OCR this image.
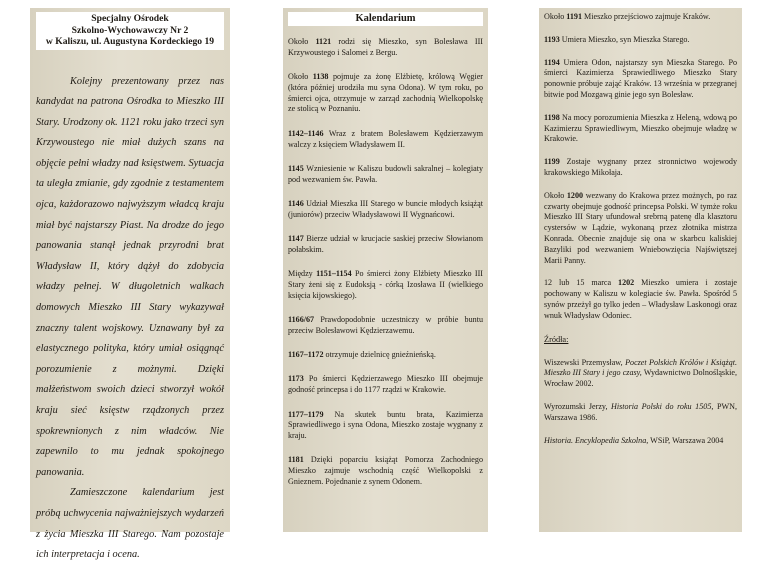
Specjalny Ośrodek
Szkolno-Wychowawczy Nr 2
w Kaliszu, ul. Augustyna Kordeckiego 19

Kolejny prezentowany przez nas kandydat na patrona Ośrodka to Mieszko III Stary. Urodzony ok. 1121 roku jako trzeci syn Krzywoustego nie miał dużych szans na objęcie pełni władzy nad księstwem. Sytuacja ta uległa zmianie, gdy zgodnie z testamentem ojca, każdorazowo najwyższym władcą kraju miał być najstarszy Piast. Na drodze do jego panowania stanął jednak przyrodni brat Władysław II, który dążył do zdobycia władzy pełnej. W długoletnich walkach domowych Mieszko III Stary wykazywał znaczny talent wojskowy. Uznawany był za elastycznego polityka, który umiał osiągnąć porozumienie z możnymi. Dzięki małżeństwom swoich dzieci stworzył wokół kraju sieć księstw rządzonych przez spokrewnionych z nim władców. Nie zapewnilo to mu jednak spokojnego panowania.

Zamieszczone kalendarium jest próbą uchwycenia najważniejszych wydarzeń z życia Mieszka III Starego. Nam pozostaje ich interpretacja i ocena.

Kalendarium
Około 1121 rodzi się Mieszko, syn Bolesława III Krzywoustego i Salomei z Bergu.
Około 1138 pojmuje za żonę Elżbietę, królową Węgier (która później urodziła mu syna Odona). W tym roku, po śmierci ojca, otrzymuje w zarząd zachodnią Wielkopolskę ze stolicą w Poznaniu.
1142–1146 Wraz z bratem Bolesławem Kędzierzawym walczy z księciem Władysławem II.
1145 Wzniesienie w Kaliszu budowli sakralnej – kolegiaty pod wezwaniem św. Pawła.
1146 Udział Mieszka III Starego w buncie młodych książąt (juniorów) przeciw Władysławowi II Wygnańcowi.
1147 Bierze udział w krucjacie saskiej przeciw Słowianom połabskim.
Między 1151–1154 Po śmierci żony Elżbiety Mieszko III Stary żeni się z Eudoksją - córką Izosława II (wielkiego księcia kijowskiego).
1166/67 Prawdopodobnie uczestniczy w próbie buntu przeciw Bolesławowi Kędzierzawemu.
1167–1172 otrzymuje dzielnicę gnieźnieńską.
1173 Po śmierci Kędzierzawego Mieszko III obejmuje godność princepsa i do 1177 rządzi w Krakowie.
1177–1179 Na skutek buntu brata, Kazimierza Sprawiedliwego i syna Odona, Mieszko zostaje wygnany z kraju.
1181 Dzięki poparciu książąt Pomorza Zachodniego Mieszko zajmuje wschodnią część Wielkopolski z Gnieznem. Pojednanie z synem Odonem.
Około 1191 Mieszko przejściowo zajmuje Kraków.
1193 Umiera Mieszko, syn Mieszka Starego.
1194 Umiera Odon, najstarszy syn Mieszka Starego. Po śmierci Kazimierza Sprawiedliwego Mieszko Stary ponownie próbuje zająć Kraków. 13 września w przegranej bitwie pod Mozgawą ginie jego syn Bolesław.
1198 Na mocy porozumienia Mieszka z Heleną, wdową po Kazimierzu Sprawiedliwym, Mieszko obejmuje władzę w Krakowie.
1199 Zostaje wygnany przez stronnictwo wojewody krakowskiego Mikołaja.
Około 1200 wezwany do Krakowa przez możnych, po raz czwarty obejmuje godność princepsa Polski. W tymże roku Mieszko III Stary ufundował srebrną patenę dla klasztoru cystersów w Lądzie, wykonaną przez złotnika mistrza Konrada. Obecnie znajduje się ona w skarbcu kaliskiej Bazyliki pod wezwaniem Wniebowzięcia Najświętszej Marii Panny.
12 lub 15 marca 1202 Mieszko umiera i zostaje pochowany w Kaliszu w kolegiacie św. Pawła. Spośród 5 synów przeżył go tylko jeden – Władysław Laskonogi oraz wnuk Władysław Odoniec.
Źródła:
Wiszewski Przemysław, Poczet Polskich Królów i Książąt. Mieszko III Stary i jego czasy, Wydawnictwo Dolnośląskie, Wrocław 2002.
Wyrozumski Jerzy, Historia Polski do roku 1505, PWN, Warszawa 1986.
Historia. Encyklopedia Szkolna, WSiP, Warszawa 2004
